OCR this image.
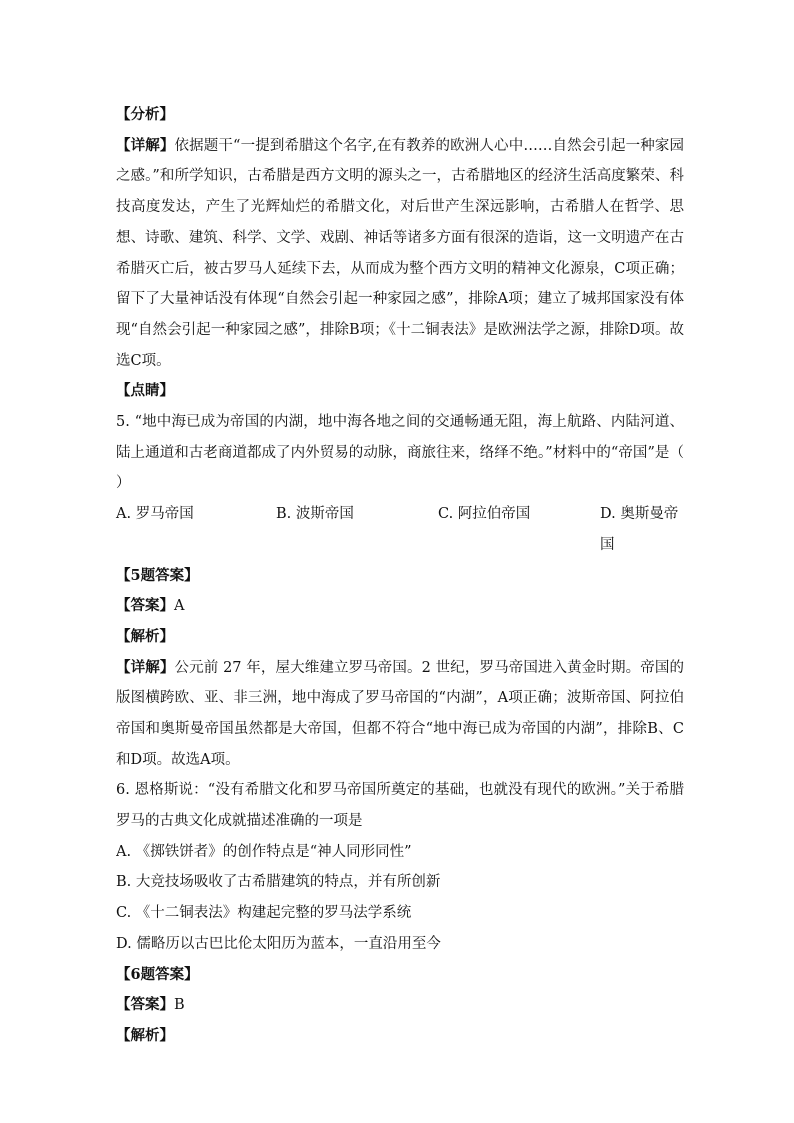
【分析】
【详解】依据题干“一提到希腊这个名字,在有教养的欧洲人心中……自然会引起一种家园之感。”和所学知识，古希腊是西方文明的源头之一，古希腊地区的经济生活高度繁荣、科技高度发达，产生了光辉灿烂的希腊文化，对后世产生深远影响，古希腊人在哲学、思想、诗歌、建筑、科学、文学、戏剧、神话等诸多方面有很深的造诣，这一文明遗产在古希腊灭亡后，被古罗马人延续下去，从而成为整个西方文明的精神文化源泉，C项正确；留下了大量神话没有体现“自然会引起一种家园之感”，排除A项；建立了城邦国家没有体现“自然会引起一种家园之感”，排除B项；《十二铜表法》是欧洲法学之源，排除D项。故选C项。
【点睛】
5. “地中海已成为帝国的内湖，地中海各地之间的交通畅通无阻，海上航路、内陆河道、陆上通道和古老商道都成了内外贸易的动脉，商旅往来，络绎不绝。”材料中的“帝国”是（　　）
A. 罗马帝国	B. 波斯帝国	C. 阿拉伯帝国	D. 奥斯曼帝国
【5题答案】
【答案】A
【解析】
【详解】公元前 27 年，屋大维建立罗马帝国。2 世纪，罗马帝国进入黄金时期。帝国的版图横跨欧、亚、非三洲，地中海成了罗马帝国的“内湖”，A项正确；波斯帝国、阿拉伯帝国和奥斯曼帝国虽然都是大帝国，但都不符合“地中海已成为帝国的内湖”，排除B、C和D项。故选A项。
6. 恩格斯说：“没有希腊文化和罗马帝国所奠定的基础，也就没有现代的欧洲。”关于希腊罗马的古典文化成就描述准确的一项是
A. 《掷铁饼者》的创作特点是“神人同形同性”
B. 大竞技场吸收了古希腊建筑的特点，并有所创新
C. 《十二铜表法》构建起完整的罗马法学系统
D. 儒略历以古巴比伦太阳历为蓝本，一直沿用至今
【6题答案】
【答案】B
【解析】
